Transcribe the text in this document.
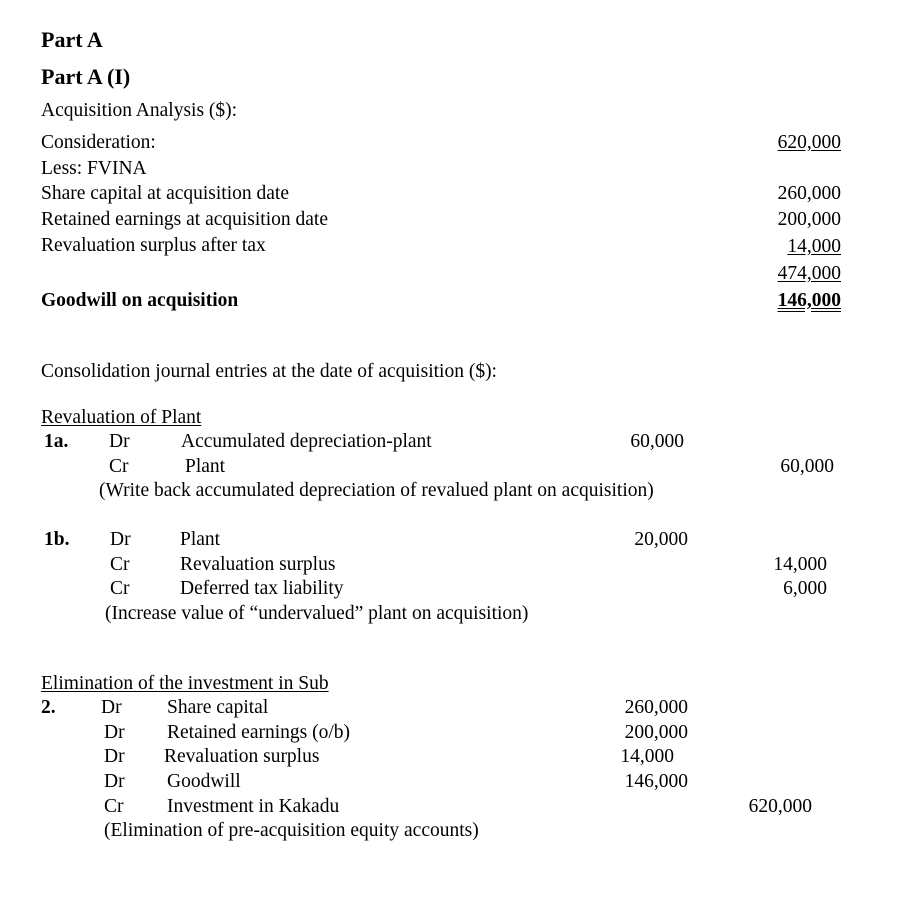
Part A
Part A (I)
Acquisition Analysis ($):
Consideration:	620,000
Less: FVINA
Share capital at acquisition date	260,000
Retained earnings at acquisition date	200,000
Revaluation surplus after tax	14,000
474,000
Goodwill on acquisition	146,000
Consolidation journal entries at the date of acquisition ($):
Revaluation of Plant
1a. Dr	Accumulated depreciation-plant	60,000
Cr	Plant	60,000
(Write back accumulated depreciation of revalued plant on acquisition)
1b. Dr	Plant	20,000
Cr	Revaluation surplus	14,000
Cr	Deferred tax liability	6,000
(Increase value of “undervalued” plant on acquisition)
Elimination of the investment in Sub
2. Dr Share capital	260,000
Dr Retained earnings (o/b)	200,000
Dr Revaluation surplus	14,000
Dr Goodwill	146,000
Cr Investment in Kakadu	620,000
(Elimination of pre-acquisition equity accounts)
